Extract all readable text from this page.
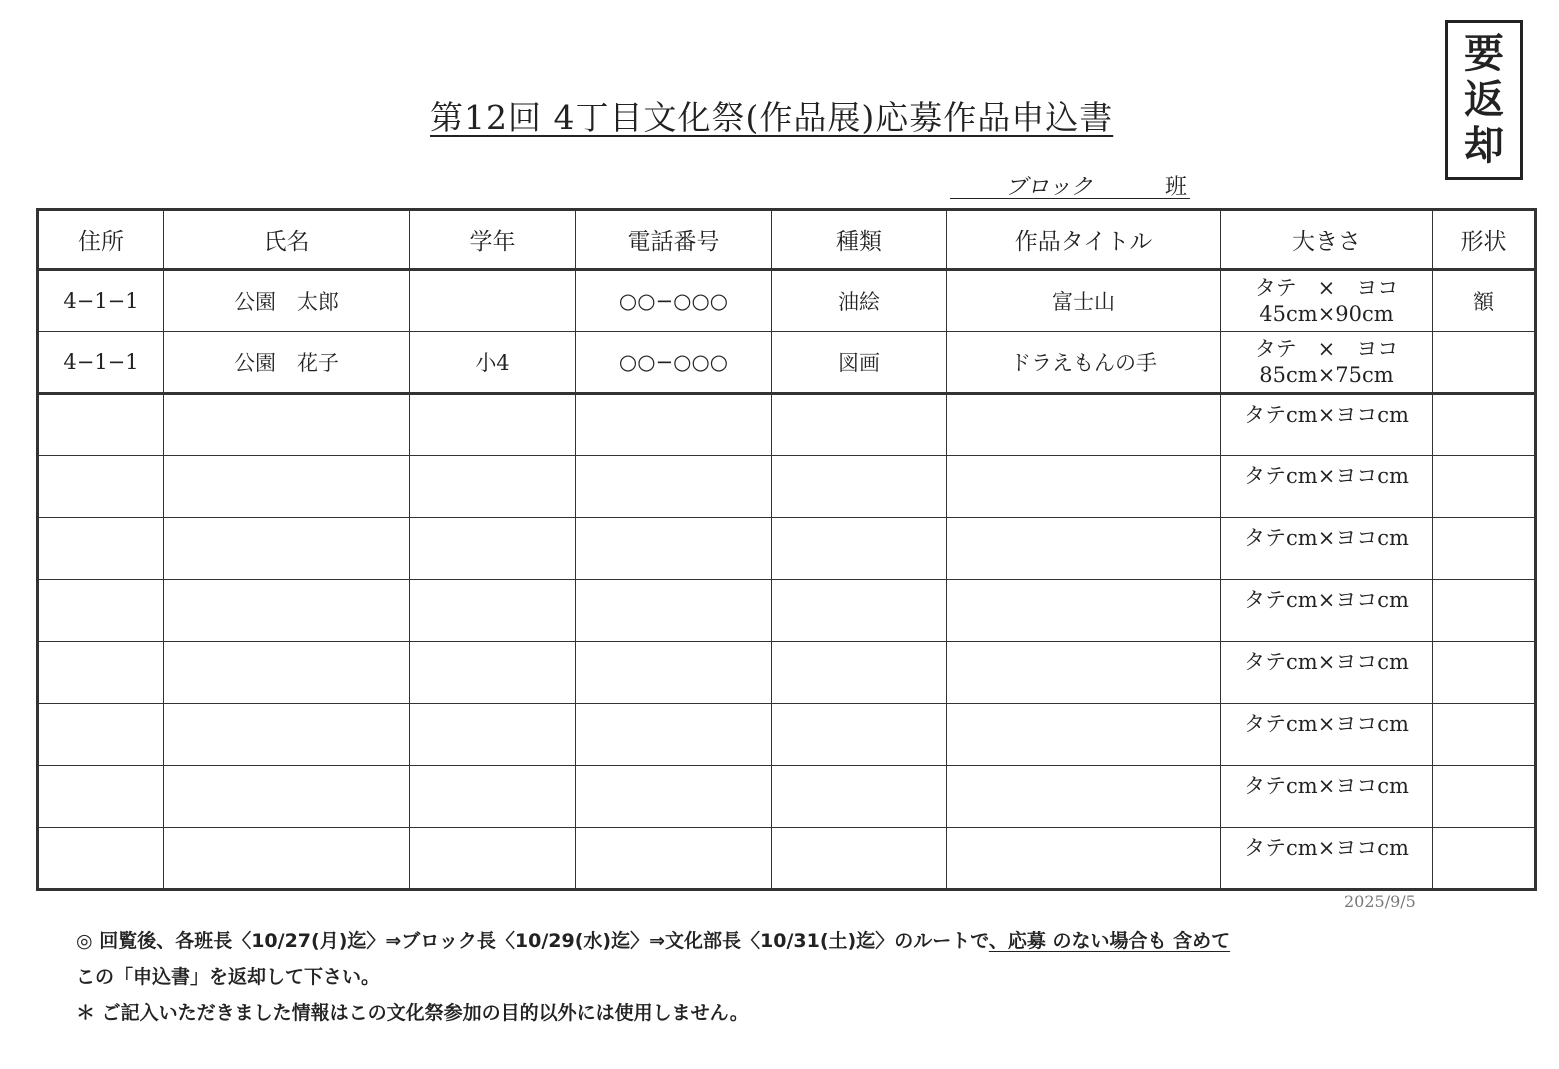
要
返
却
第12回 4丁目文化祭(作品展)応募作品申込書
ブロック	班
住所	氏名	学年	電話番号	種類	作品タイトル	大きさ	形状
4−1−1	公園　太郎		○○−○○○	油絵	富士山	タテ　×　ヨコ
45cm×90cm	額
4−1−1	公園　花子	小4	○○−○○○	図画	ドラえもんの手	タテ　×　ヨコ
85cm×75cm	

						タテcm×ヨコcm	
						タテcm×ヨコcm	
						タテcm×ヨコcm	
						タテcm×ヨコcm	
						タテcm×ヨコcm	
						タテcm×ヨコcm	
						タテcm×ヨコcm	
						タテcm×ヨコcm	
2025/9/5
◎ 回覧後、各班長〈10/27(月)迄〉⇒ブロック長〈10/29(水)迄〉⇒文化部長〈10/31(土)迄〉のルートで、応募 のない場合も 含めて
この「申込書」を返却して下さい。
＊ ご記入いただきました情報はこの文化祭参加の目的以外には使用しません。
